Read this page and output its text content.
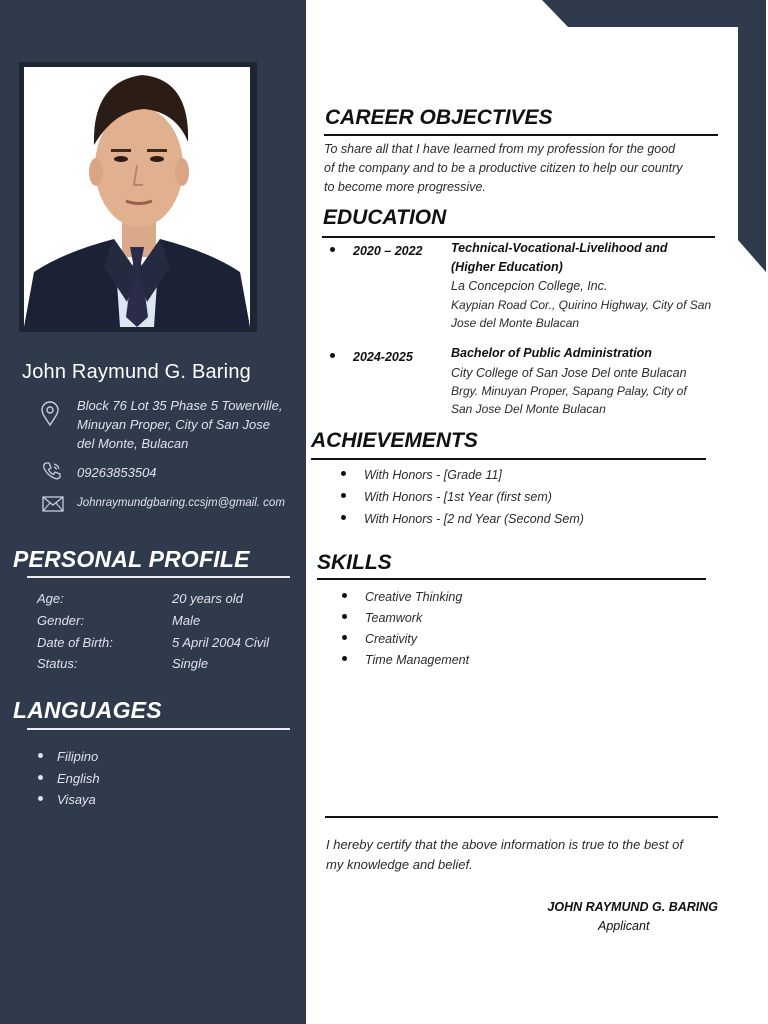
John Raymund G. Baring
Block 76 Lot 35 Phase 5 Towerville,
Minuyan Proper, City of San Jose
del Monte, Bulacan
09263853504
Johnraymundgbaring.ccsjm@gmail. com
PERSONAL PROFILE
Age:	20 years old
Gender:	Male
Date of Birth:	5 April 2004 Civil
Status:	Single
LANGUAGES
Filipino
English
Visaya
CAREER OBJECTIVES
To share all that I have learned from my profession for the good
of the company and to be a productive citizen to help our country
to become more progressive.
EDUCATION
2020 – 2022 Technical-Vocational-Livelihood and
(Higher Education)
La Concepcion College, Inc.
Kaypian Road Cor., Quirino Highway, City of San
Jose del Monte Bulacan
2024-2025	Bachelor of Public Administration
City College of San Jose Del onte Bulacan
Brgy. Minuyan Proper, Sapang Palay, City of
San Jose Del Monte Bulacan
ACHIEVEMENTS
With Honors - [Grade 11]
With Honors - [1st Year (first sem)
With Honors - [2 nd Year (Second Sem)
SKILLS
Creative Thinking
Teamwork
Creativity
Time Management
I hereby certify that the above information is true to the best of
my knowledge and belief.
JOHN RAYMUND G. BARING
Applicant
